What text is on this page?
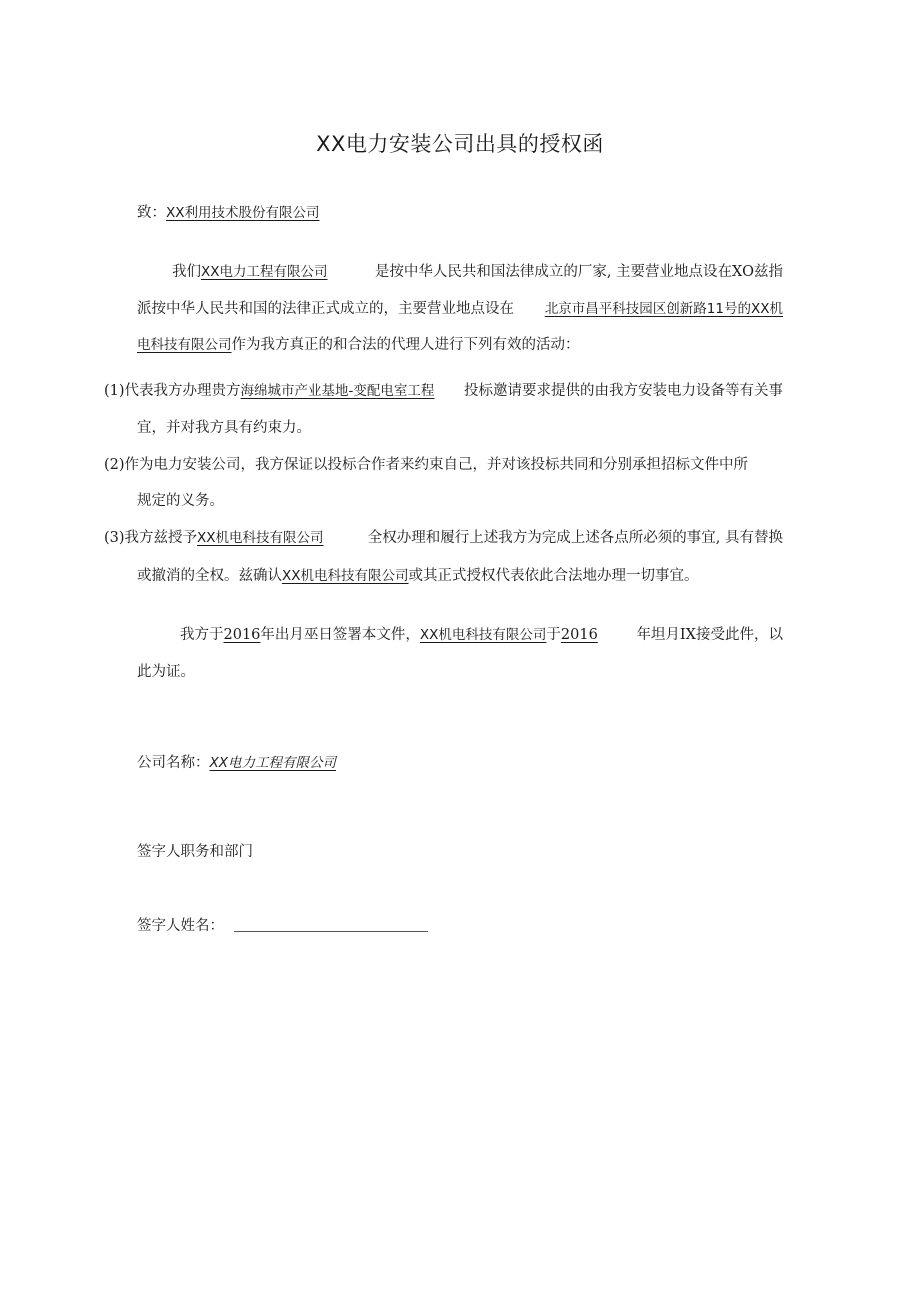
XX电力安装公司出具的授权函
致：XX利用技术股份有限公司
我们XX电力工程有限公司	是按中华人民共和国法律成立的厂家, 主要营业地点设在XO兹指
派按中华人民共和国的法律正式成立的，主要营业地点设在 北京市昌平科技园区创新路11号的XX机
电科技有限公司作为我方真正的和合法的代理人进行下列有效的活动：
(1)代表我方办理贵方海绵城市产业基地-变配电室工程 投标邀请要求提供的由我方安装电力设备等有关事
宜，并对我方具有约束力。
(2)作为电力安装公司，我方保证以投标合作者来约束自己，并对该投标共同和分别承担招标文件中所
规定的义务。
(3)我方兹授予XX机电科技有限公司	全权办理和履行上述我方为完成上述各点所必须的事宜, 具有替换
或撤消的全权。兹确认XX机电科技有限公司或其正式授权代表依此合法地办理一切事宜。
我方于2016年出月巫日签署本文件，XX机电科技有限公司于2016	年坦月IX接受此件，以
此为证。
公司名称：XX电力工程有限公司
签字人职务和部门
签字人姓名：
